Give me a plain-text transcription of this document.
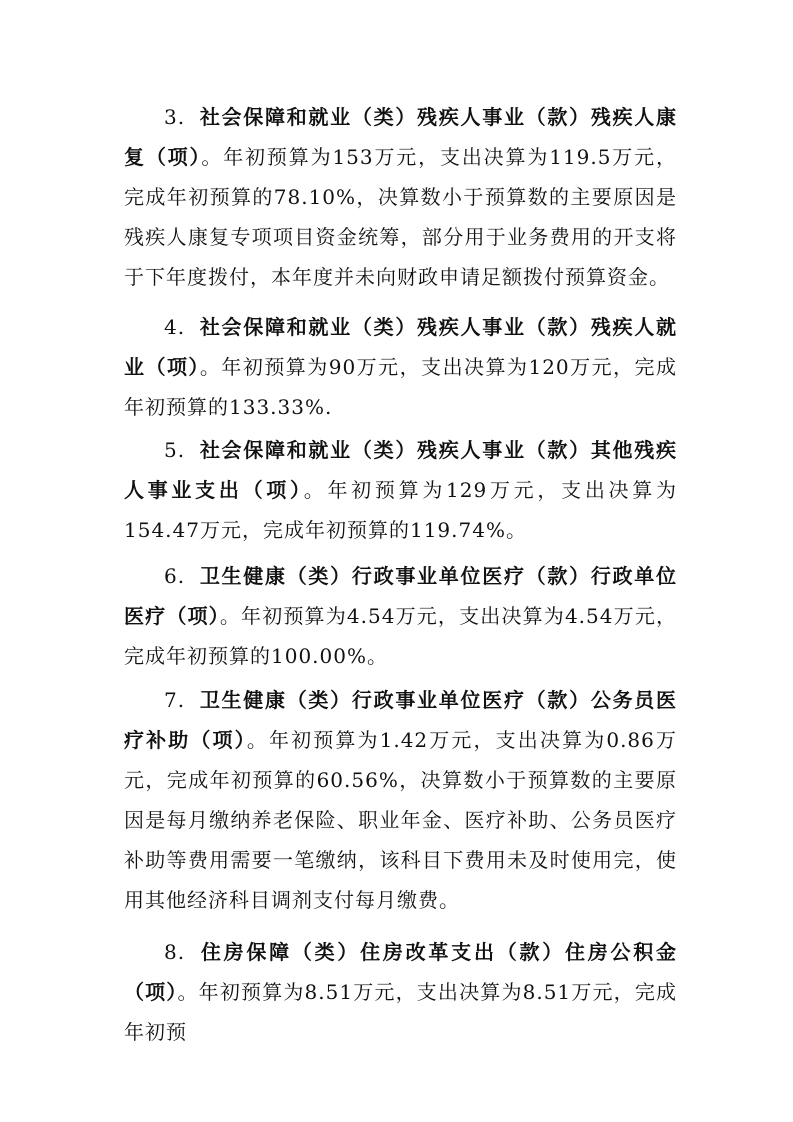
3. 社会保障和就业（类）残疾人事业（款）残疾人康复（项）。年初预算为153万元，支出决算为119.5万元，完成年初预算的78.10%，决算数小于预算数的主要原因是残疾人康复专项项目资金统筹，部分用于业务费用的开支将于下年度拨付，本年度并未向财政申请足额拨付预算资金。

4. 社会保障和就业（类）残疾人事业（款）残疾人就业（项）。年初预算为90万元，支出决算为120万元，完成年初预算的133.33%.

5. 社会保障和就业（类）残疾人事业（款）其他残疾人事业支出（项）。年初预算为129万元，支出决算为154.47万元，完成年初预算的119.74%。

6. 卫生健康（类）行政事业单位医疗（款）行政单位医疗（项）。年初预算为4.54万元，支出决算为4.54万元，完成年初预算的100.00%。

7. 卫生健康（类）行政事业单位医疗（款）公务员医疗补助（项）。年初预算为1.42万元，支出决算为0.86万元，完成年初预算的60.56%，决算数小于预算数的主要原因是每月缴纳养老保险、职业年金、医疗补助、公务员医疗补助等费用需要一笔缴纳，该科目下费用未及时使用完，使用其他经济科目调剂支付每月缴费。

8. 住房保障（类）住房改革支出（款）住房公积金（项）。年初预算为8.51万元，支出决算为8.51万元，完成年初预
